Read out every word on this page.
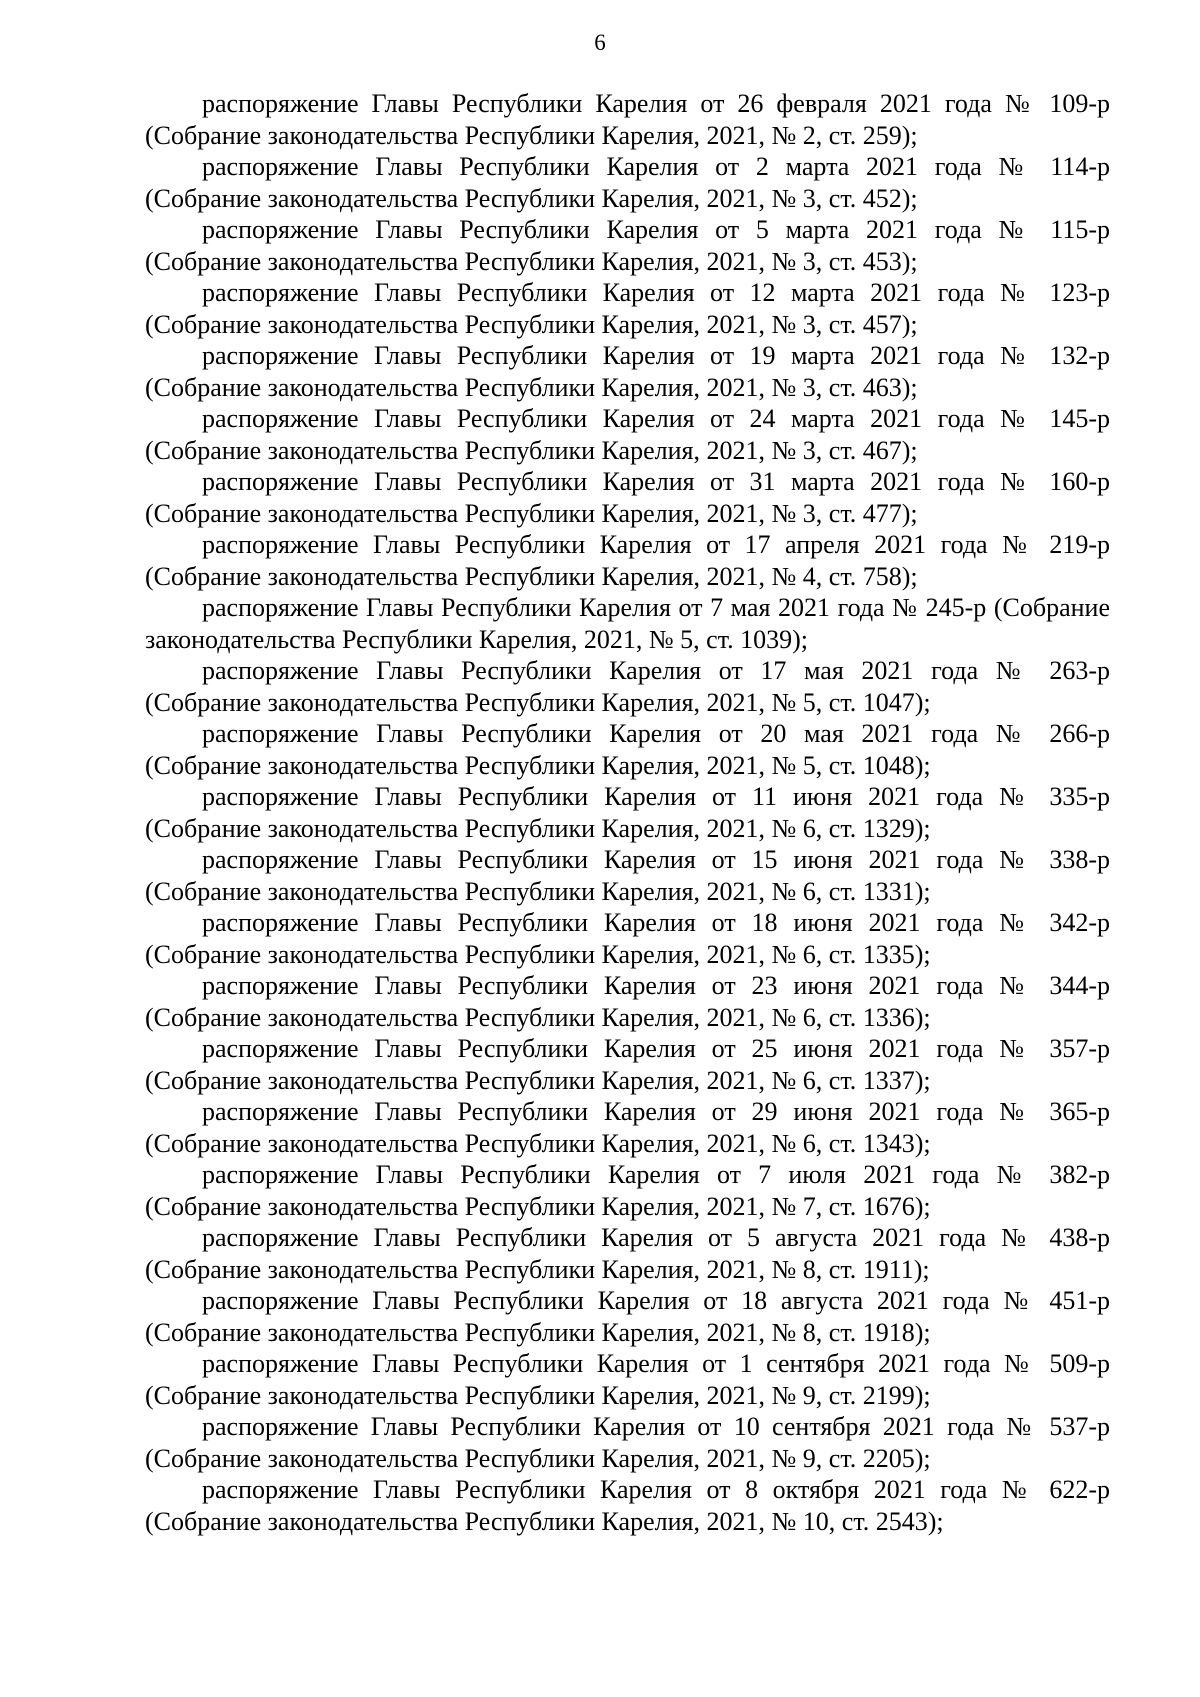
6

распоряжение Главы Республики Карелия от 26 февраля 2021 года № 109-р (Собрание законодательства Республики Карелия, 2021, № 2, ст. 259);

распоряжение Главы Республики Карелия от 2 марта 2021 года № 114-р (Собрание законодательства Республики Карелия, 2021, № 3, ст. 452);

распоряжение Главы Республики Карелия от 5 марта 2021 года № 115-р (Собрание законодательства Республики Карелия, 2021, № 3, ст. 453);

распоряжение Главы Республики Карелия от 12 марта 2021 года № 123-р (Собрание законодательства Республики Карелия, 2021, № 3, ст. 457);

распоряжение Главы Республики Карелия от 19 марта 2021 года № 132-р (Собрание законодательства Республики Карелия, 2021, № 3, ст. 463);

распоряжение Главы Республики Карелия от 24 марта 2021 года № 145-р (Собрание законодательства Республики Карелия, 2021, № 3, ст. 467);

распоряжение Главы Республики Карелия от 31 марта 2021 года № 160-р (Собрание законодательства Республики Карелия, 2021, № 3, ст. 477);

распоряжение Главы Республики Карелия от 17 апреля 2021 года № 219-р (Собрание законодательства Республики Карелия, 2021, № 4, ст. 758);

распоряжение Главы Республики Карелия от 7 мая 2021 года № 245-р (Собрание законодательства Республики Карелия, 2021, № 5, ст. 1039);

распоряжение Главы Республики Карелия от 17 мая 2021 года № 263-р (Собрание законодательства Республики Карелия, 2021, № 5, ст. 1047);

распоряжение Главы Республики Карелия от 20 мая 2021 года № 266-р (Собрание законодательства Республики Карелия, 2021, № 5, ст. 1048);

распоряжение Главы Республики Карелия от 11 июня 2021 года № 335-р (Собрание законодательства Республики Карелия, 2021, № 6, ст. 1329);

распоряжение Главы Республики Карелия от 15 июня 2021 года № 338-р (Собрание законодательства Республики Карелия, 2021, № 6, ст. 1331);

распоряжение Главы Республики Карелия от 18 июня 2021 года № 342-р (Собрание законодательства Республики Карелия, 2021, № 6, ст. 1335);

распоряжение Главы Республики Карелия от 23 июня 2021 года № 344-р (Собрание законодательства Республики Карелия, 2021, № 6, ст. 1336);

распоряжение Главы Республики Карелия от 25 июня 2021 года № 357-р (Собрание законодательства Республики Карелия, 2021, № 6, ст. 1337);

распоряжение Главы Республики Карелия от 29 июня 2021 года № 365-р (Собрание законодательства Республики Карелия, 2021, № 6, ст. 1343);

распоряжение Главы Республики Карелия от 7 июля 2021 года № 382-р (Собрание законодательства Республики Карелия, 2021, № 7, ст. 1676);

распоряжение Главы Республики Карелия от 5 августа 2021 года № 438-р (Собрание законодательства Республики Карелия, 2021, № 8, ст. 1911);

распоряжение Главы Республики Карелия от 18 августа 2021 года № 451-р (Собрание законодательства Республики Карелия, 2021, № 8, ст. 1918);

распоряжение Главы Республики Карелия от 1 сентября 2021 года № 509-р (Собрание законодательства Республики Карелия, 2021, № 9, ст. 2199);

распоряжение Главы Республики Карелия от 10 сентября 2021 года № 537-р (Собрание законодательства Республики Карелия, 2021, № 9, ст. 2205);

распоряжение Главы Республики Карелия от 8 октября 2021 года № 622-р (Собрание законодательства Республики Карелия, 2021, № 10, ст. 2543);
